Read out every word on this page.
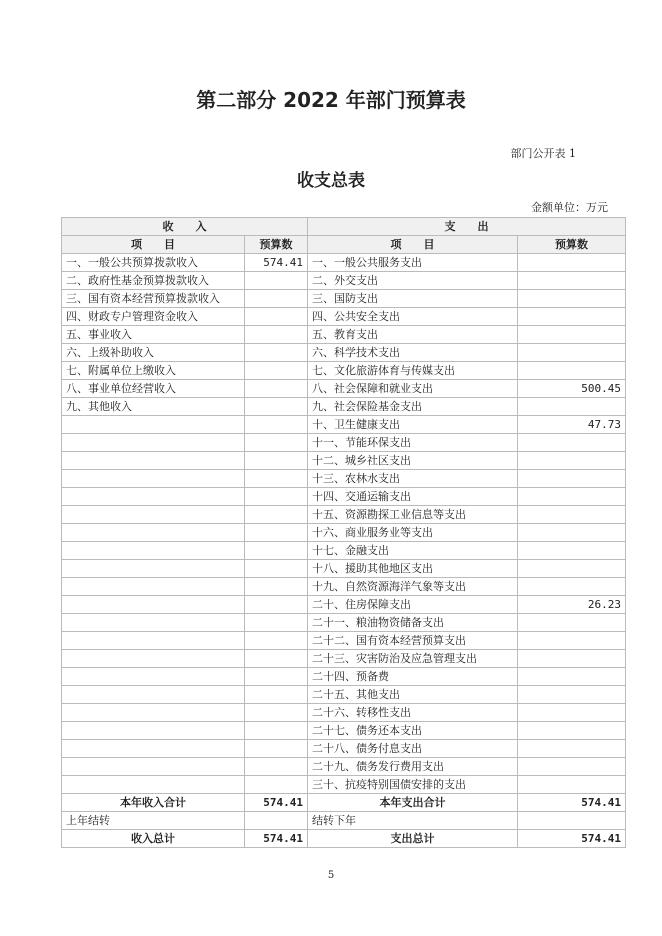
第二部分 2022 年部门预算表
部门公开表 1
收支总表
金额单位：万元
收　　入		支　　出	
项　　目	预算数	项　　目	预算数
一、一般公共预算拨款收入	574.41	一、一般公共服务支出	
二、政府性基金预算拨款收入		二、外交支出	
三、国有资本经营预算拨款收入		三、国防支出	
四、财政专户管理资金收入		四、公共安全支出	
五、事业收入		五、教育支出	
六、上级补助收入		六、科学技术支出	
七、附属单位上缴收入		七、文化旅游体育与传媒支出	
八、事业单位经营收入		八、社会保障和就业支出	500.45
九、其他收入		九、社会保险基金支出	
		十、卫生健康支出	47.73
		十一、节能环保支出	
		十二、城乡社区支出	
		十三、农林水支出	
		十四、交通运输支出	
		十五、资源勘探工业信息等支出	
		十六、商业服务业等支出	
		十七、金融支出	
		十八、援助其他地区支出	
		十九、自然资源海洋气象等支出	
		二十、住房保障支出	26.23
		二十一、粮油物资储备支出	
		二十二、国有资本经营预算支出	
		二十三、灾害防治及应急管理支出	
		二十四、预备费	
		二十五、其他支出	
		二十六、转移性支出	
		二十七、债务还本支出	
		二十八、债务付息支出	
		二十九、债务发行费用支出	
		三十、抗疫特别国债安排的支出	
本年收入合计	574.41	本年支出合计	574.41
上年结转		结转下年	
收入总计	574.41	支出总计	574.41
5
